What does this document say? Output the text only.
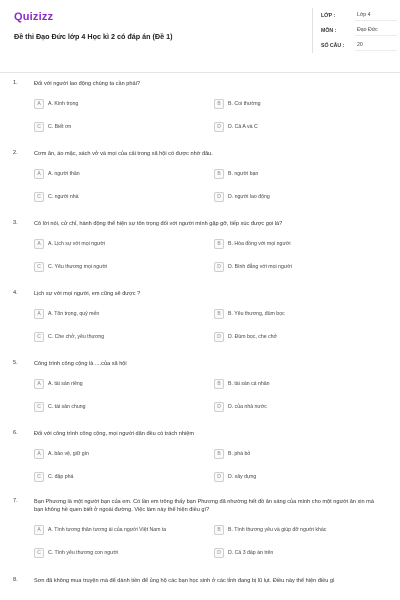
Quizizz
Đề thi Đạo Đức lớp 4 Học kì 2 có đáp án (Đề 1)
LỚP :	Lớp 4
MÔN :	Đạo Đức
SỐ CÂU :	20
1.	Đối với người lao động chúng ta cần phải?
A	A. Kính trọng	B	B. Coi thường
C	C. Biết ơn	D	D. Cả A và C
2.	Cơm ăn, áo mặc, sách vở và mọi của cải trong xã hội có được nhờ đâu.
A	A. người thân	B	B. người bạn
C	C. người nhà	D	D. người lao động
3.	Cô lời nói, cử chỉ, hành động thể hiện sự tôn trọng đối với người mình gặp gỡ, tiếp xúc được gọi là?
A	A. Lịch sự với mọi người	B	B. Hòa đồng với mọi người
C	C. Yêu thương mọi người	D	D. Bình đẳng với mọi người
4.	Lịch sự với mọi người, em cũng sẽ được ?
A	A. Tôn trọng, quý mến	B	B. Yêu thương, đùm bọc
C	C. Che chở, yêu thương	D	D. Đùm bọc, che chở
5.	Công trình công cộng là ....của xã hội
A	A. tài sản riêng	B	B. tài sản cá nhân
C	C. tài sản chung	D	D. của nhà nước
6.	Đối với công trình công cộng, mọi người dân đều có trách nhiệm
A	A. bảo vệ, giữ gìn	B	B. phá bỏ
C	C. đập phá	D	D. xây dựng
7.	Bạn Phương là một người bạn của em. Có lần em trông thấy bạn Phương đã nhường hết đồ ăn sáng của mình cho một người ăn xin mà bạn không hề quen biết ở ngoài đường. Việc làm này thể hiện điều gì?
A	A. Tình tương thân tương ái của người Việt Nam ta	B	B. Tình thương yêu và giúp đỡ người khác
C	C. Tình yêu thương con người	D	D. Cả 3 đáp án trên
8.	Sơn đã không mua truyện mà để dành tiền để ủng hộ các bạn học sinh ở các tỉnh đang bị lũ lụt. Điều này thể hiện điều gì
